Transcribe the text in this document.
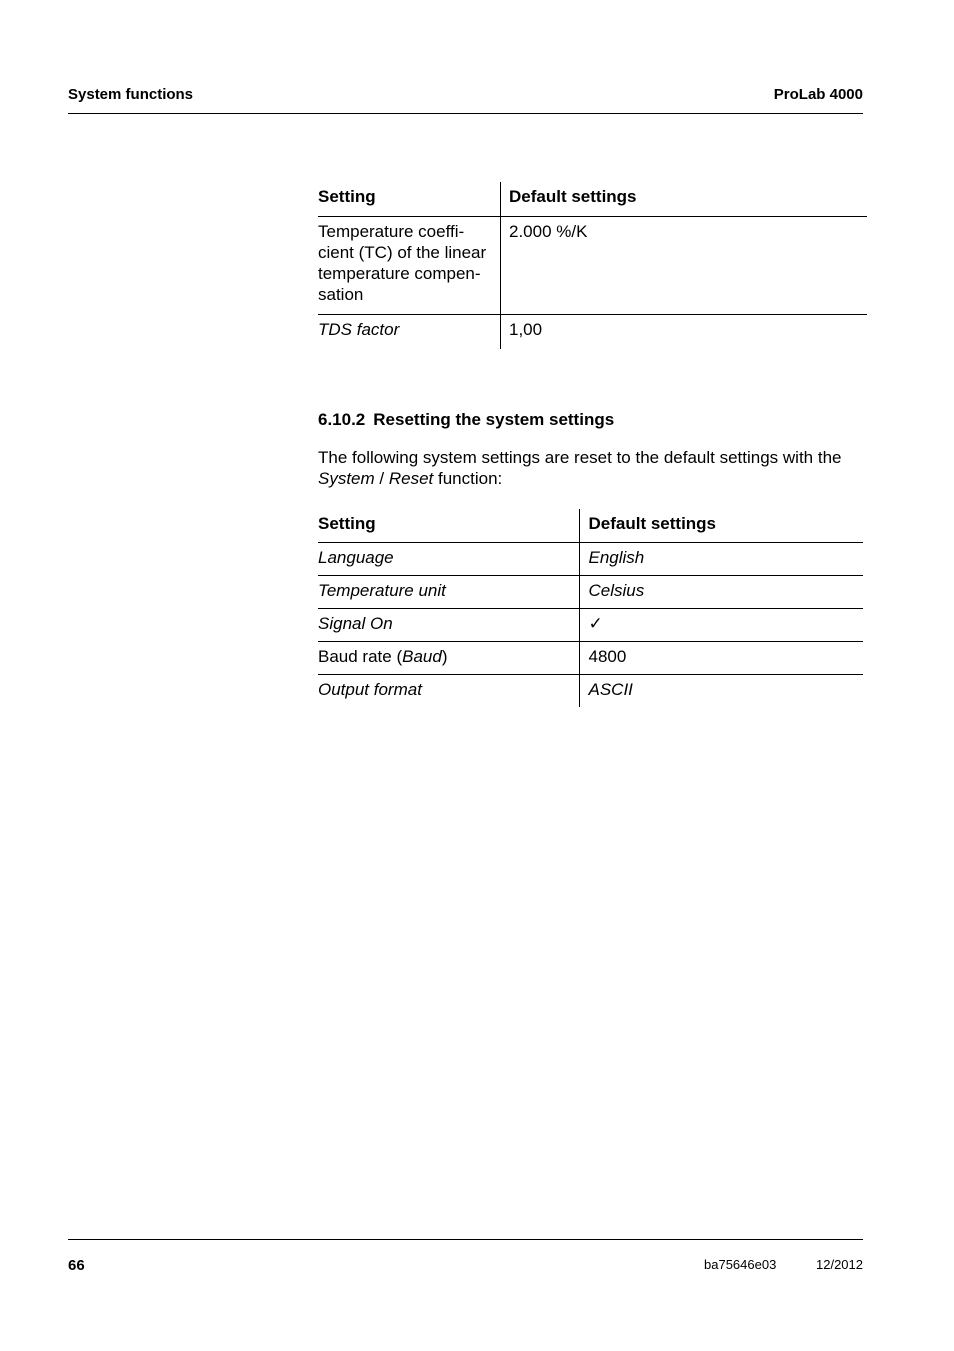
System functions	ProLab 4000
Setting	Default settings
Temperature coeffi-
cient (TC) of the linear
temperature compen-
sation	2.000 %/K
TDS factor	1,00
6.10.2 Resetting the system settings
The following system settings are reset to the default settings with the System / Reset function:
Setting	Default settings
Language	English
Temperature unit	Celsius
Signal On	✓
Baud rate (Baud)	4800
Output format	ASCII
66	ba75646e03	12/2012
